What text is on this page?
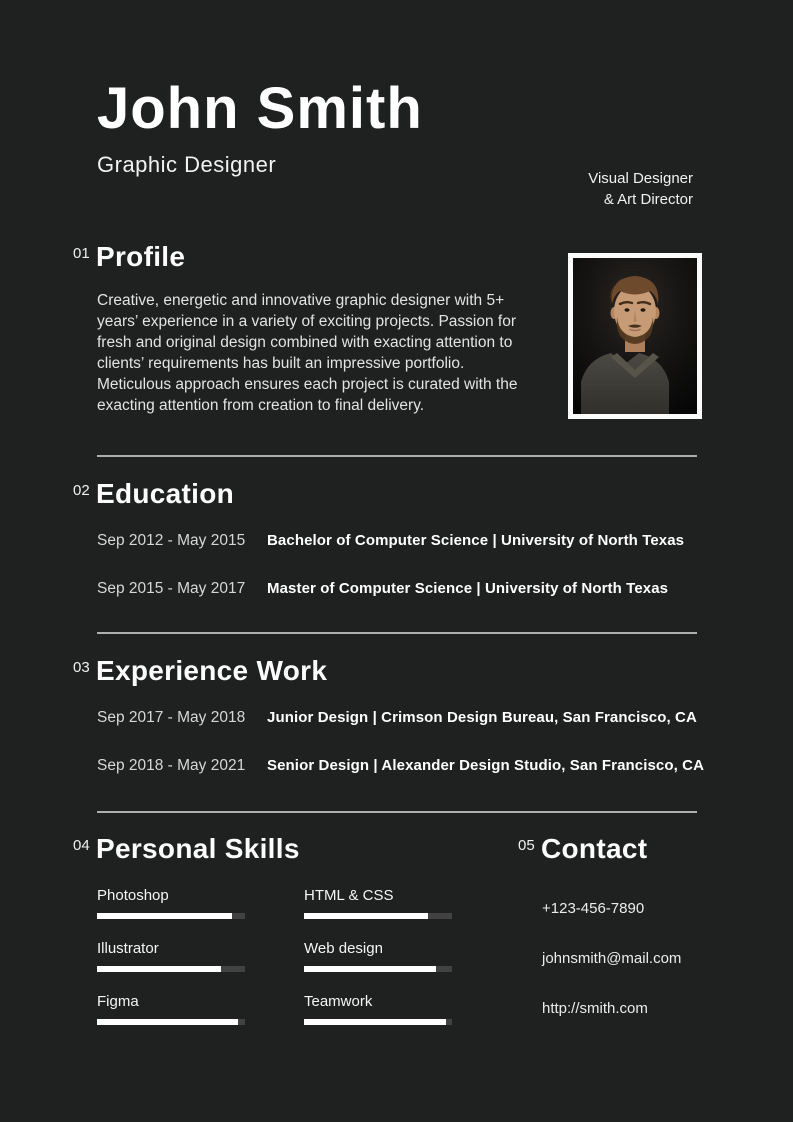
John Smith
Graphic Designer
Visual Designer
& Art Director
01 Profile
Creative, energetic and innovative graphic designer with 5+
years’ experience in a variety of exciting projects. Passion for
fresh and original design combined with exacting attention to
clients’ requirements has built an impressive portfolio.
Meticulous approach ensures each project is curated with the
exacting attention from creation to final delivery.
02 Education
Sep 2012 - May 2015 Bachelor of Computer Science | University of North Texas
Sep 2015 - May 2017 Master of Computer Science | University of North Texas
03 Experience Work
Sep 2017 - May 2018 Junior Design | Crimson Design Bureau, San Francisco, CA
Sep 2018 - May 2021 Senior Design | Alexander Design Studio, San Francisco, CA
04 Personal Skills
Photoshop	HTML & CSS
Illustrator	Web design
Figma	Teamwork
05 Contact
+123-456-7890
johnsmith@mail.com
http://smith.com
